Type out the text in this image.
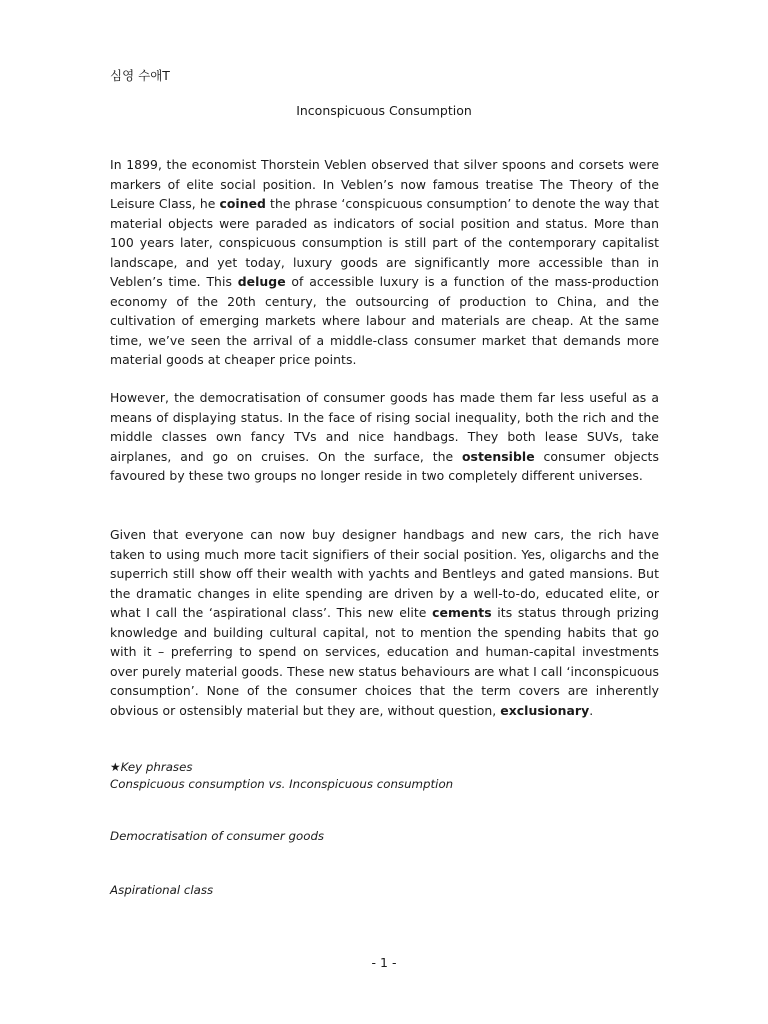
심영 수애T
Inconspicuous Consumption
In 1899, the economist Thorstein Veblen observed that silver spoons and corsets were markers of elite social position. In Veblen’s now famous treatise The Theory of the Leisure Class, he coined the phrase ‘conspicuous consumption’ to denote the way that material objects were paraded as indicators of social position and status. More than 100 years later, conspicuous consumption is still part of the contemporary capitalist landscape, and yet today, luxury goods are significantly more accessible than in Veblen’s time. This deluge of accessible luxury is a function of the mass-production economy of the 20th century, the outsourcing of production to China, and the cultivation of emerging markets where labour and materials are cheap. At the same time, we’ve seen the arrival of a middle-class consumer market that demands more material goods at cheaper price points.
However, the democratisation of consumer goods has made them far less useful as a means of displaying status. In the face of rising social inequality, both the rich and the middle classes own fancy TVs and nice handbags. They both lease SUVs, take airplanes, and go on cruises. On the surface, the ostensible consumer objects favoured by these two groups no longer reside in two completely different universes.
Given that everyone can now buy designer handbags and new cars, the rich have taken to using much more tacit signifiers of their social position. Yes, oligarchs and the superrich still show off their wealth with yachts and Bentleys and gated mansions. But the dramatic changes in elite spending are driven by a well-to-do, educated elite, or what I call the ‘aspirational class’. This new elite cements its status through prizing knowledge and building cultural capital, not to mention the spending habits that go with it – preferring to spend on services, education and human-capital investments over purely material goods. These new status behaviours are what I call ‘inconspicuous consumption’. None of the consumer choices that the term covers are inherently obvious or ostensibly material but they are, without question, exclusionary.
★Key phrases
Conspicuous consumption vs. Inconspicuous consumption
Democratisation of consumer goods
Aspirational class
- 1 -
